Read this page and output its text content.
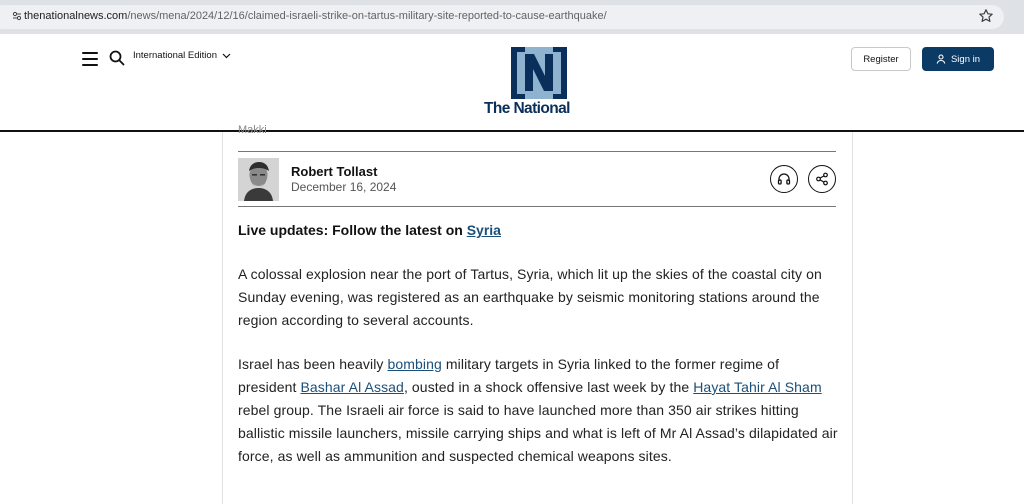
thenationalnews.com/news/mena/2024/12/16/claimed-israeli-strike-on-tartus-military-site-reported-to-cause-earthquake/
International Edition
The National
Register	Sign in
Makki
Robert Tollast
December 16, 2024
Live updates: Follow the latest on Syria

A colossal explosion near the port of Tartus, Syria, which lit up the skies of the coastal city on Sunday evening, was registered as an earthquake by seismic monitoring stations around the region according to several accounts.

Israel has been heavily bombing military targets in Syria linked to the former regime of president Bashar Al Assad, ousted in a shock offensive last week by the Hayat Tahir Al Sham rebel group. The Israeli air force is said to have launched more than 350 air strikes hitting ballistic missile launchers, missile carrying ships and what is left of Mr Al Assad’s dilapidated air force, as well as ammunition and suspected chemical weapons sites.
